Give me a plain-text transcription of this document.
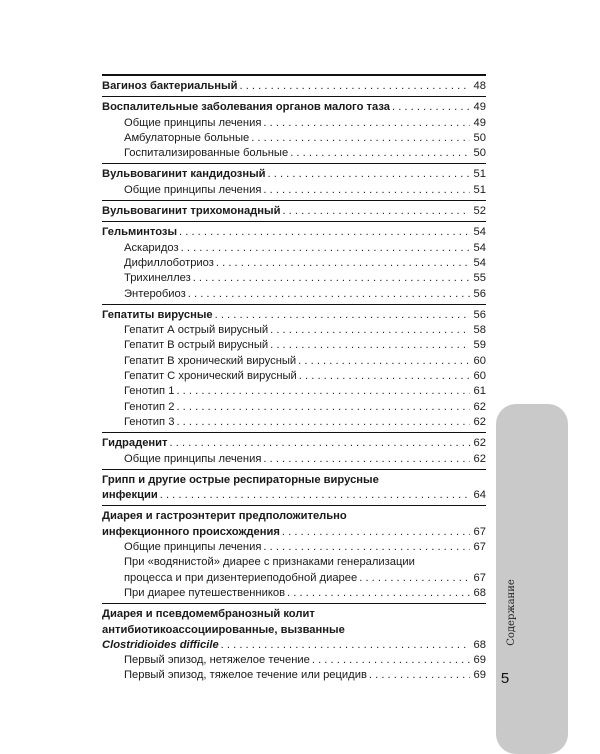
Вагиноз бактериальный . . .	48
Воспалительные заболевания органов малого таза . . .	49
Общие принципы лечения . . .	49
Амбулаторные больные . . .	50
Госпитализированные больные . . .	50
Вульвовагинит кандидозный . . .	51
Общие принципы лечения . . .	51
Вульвовагинит трихомонадный . . .	52
Гельминтозы . . .	54
Аскаридоз . . .	54
Дифиллоботриоз . . .	54
Трихинеллез . . .	55
Энтеробиоз . . .	56
Гепатиты вирусные . . .	56
Гепатит А острый вирусный . . .	58
Гепатит В острый вирусный . . .	59
Гепатит В хронический вирусный . . .	60
Гепатит С хронический вирусный . . .	60
Генотип 1 . . .	61
Генотип 2 . . .	62
Генотип 3 . . .	62
Гидраденит . . .	62
Общие принципы лечения . . .	62
Грипп и другие острые респираторные вирусные
инфекции . . .	64
Диарея и гастроэнтерит предположительно
инфекционного происхождения . . .	67
Общие принципы лечения . . .	67
При «водянистой» диарее с признаками генерализации
процесса и при дизентериеподобной диарее . . .	67
При диарее путешественников . . .	68
Диарея и псевдомембранозный колит
антибиотикоассоциированные, вызванные
Clostridioides difficile . . .	68
Первый эпизод, нетяжелое течение . . .	69
Первый эпизод, тяжелое течение или рецидив . . .	69
Содержание
5
